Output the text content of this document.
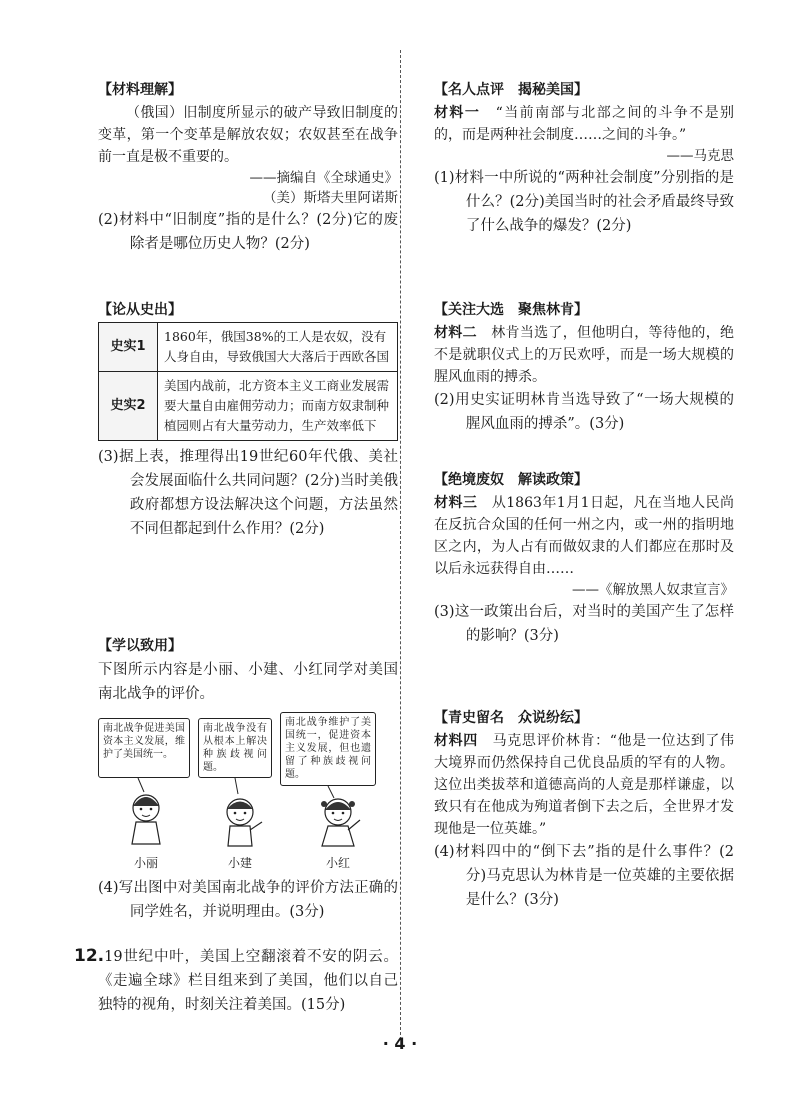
【材料理解】

（俄国）旧制度所显示的破产导致旧制度的变革，第一个变革是解放农奴；农奴甚至在战争前一直是极不重要的。

——摘编自《全球通史》
（美）斯塔夫里阿诺斯

(2)材料中“旧制度”指的是什么？(2分)它的废除者是哪位历史人物？(2分)

【论从史出】
史实1	1860年，俄国38%的工人是农奴，没有人身自由，导致俄国大大落后于西欧各国
史实2	美国内战前，北方资本主义工商业发展需要大量自由雇佣劳动力；而南方奴隶制种植园则占有大量劳动力，生产效率低下

(3)据上表，推理得出19世纪60年代俄、美社会发展面临什么共同问题？(2分)当时美俄政府都想方设法解决这个问题，方法虽然不同但都起到什么作用？(2分)

【学以致用】

下图所示内容是小丽、小建、小红同学对美国南北战争的评价。

南北战争促进美国资本主义发展，维护了美国统一。
南北战争没有从根本上解决种族歧视问题。
南北战争维护了美国统一，促进资本主义发展，但也遗留了种族歧视问题。
小丽	小建	小红

(4)写出图中对美国南北战争的评价方法正确的同学姓名，并说明理由。(3分)

12.19世纪中叶，美国上空翻滚着不安的阴云。《走遍全球》栏目组来到了美国，他们以自己独特的视角，时刻关注着美国。(15分)

【名人点评　揭秘美国】

材料一　 “当前南部与北部之间的斗争不是别的，而是两种社会制度……之间的斗争。”

——马克思

(1)材料一中所说的“两种社会制度”分别指的是什么？(2分)美国当时的社会矛盾最终导致了什么战争的爆发？(2分)

【关注大选　聚焦林肯】

材料二　 林肯当选了，但他明白，等待他的，绝不是就职仪式上的万民欢呼，而是一场大规模的腥风血雨的搏杀。

(2)用史实证明林肯当选导致了“一场大规模的腥风血雨的搏杀”。(3分)

【绝境废奴　解读政策】

材料三　 从1863年1月1日起，凡在当地人民尚在反抗合众国的任何一州之内，或一州的指明地区之内，为人占有而做奴隶的人们都应在那时及以后永远获得自由……

——《解放黑人奴隶宣言》

(3)这一政策出台后，对当时的美国产生了怎样的影响？(3分)

【青史留名　众说纷纭】

材料四　 马克思评价林肯：“他是一位达到了伟大境界而仍然保持自己优良品质的罕有的人物。这位出类拔萃和道德高尚的人竟是那样谦虚，以致只有在他成为殉道者倒下去之后，全世界才发现他是一位英雄。”

(4)材料四中的“倒下去”指的是什么事件？(2分)马克思认为林肯是一位英雄的主要依据是什么？(3分)

· 4 ·
